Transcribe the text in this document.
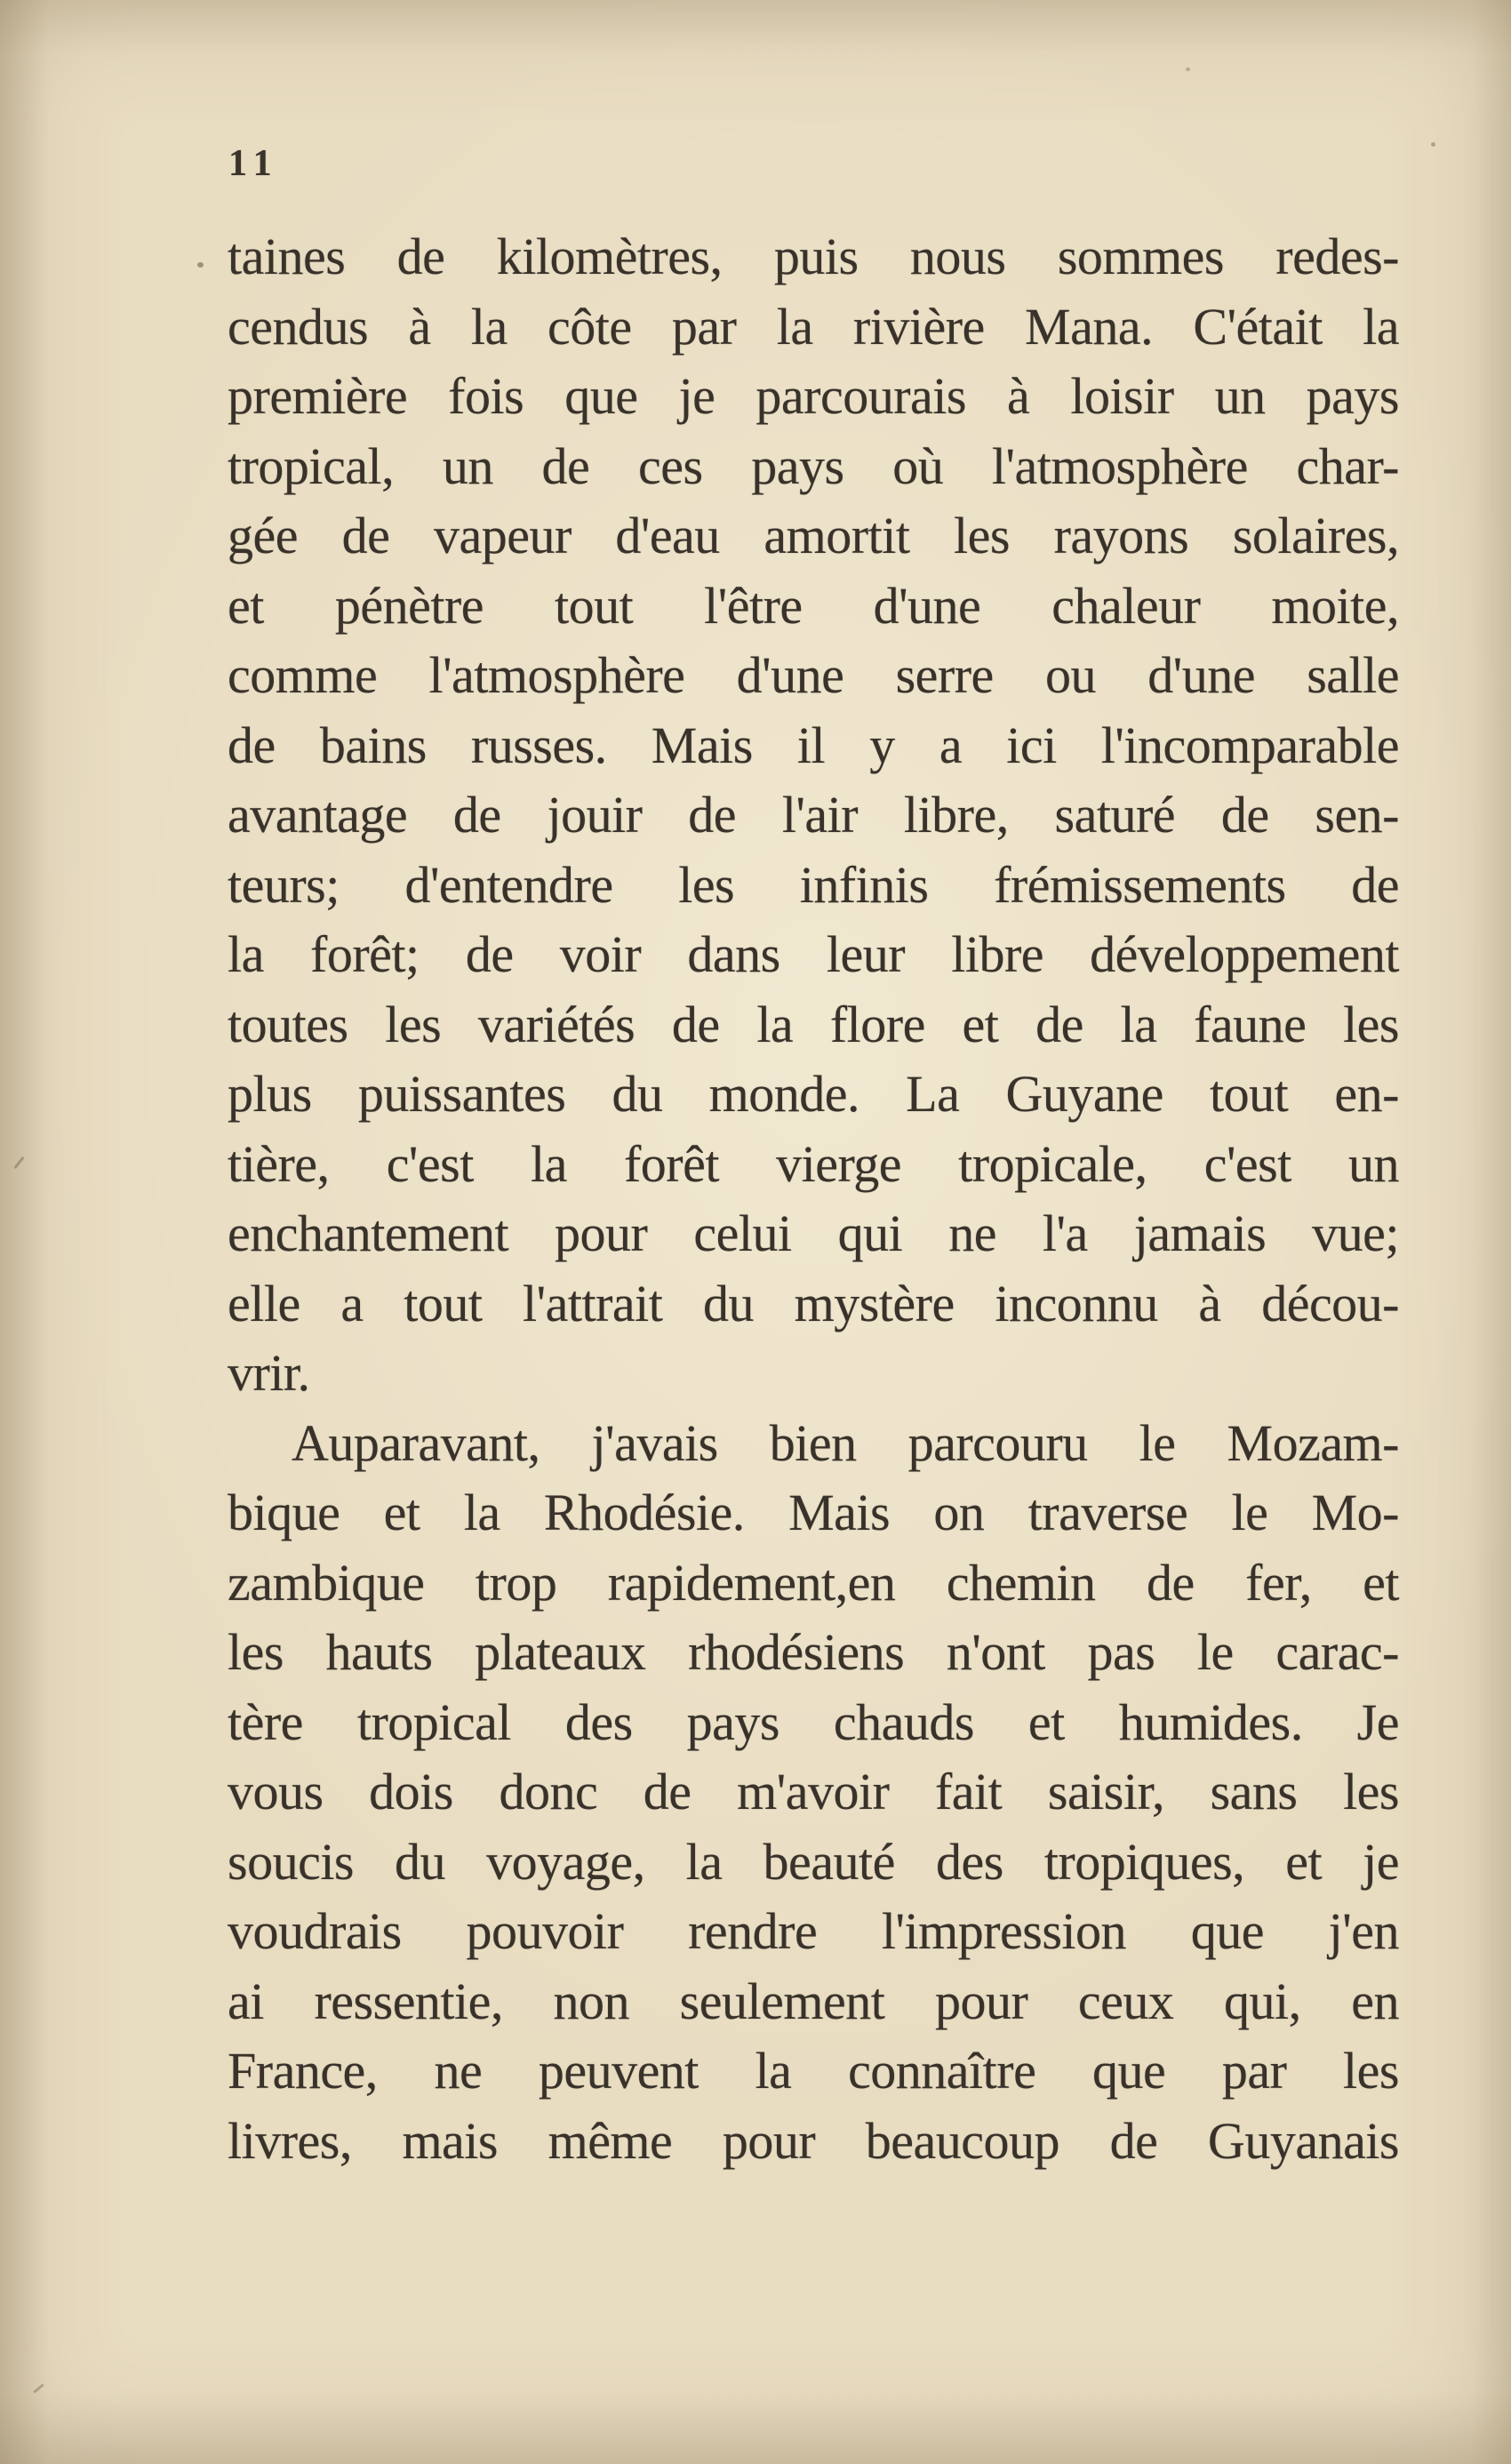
11
taines de kilomètres, puis nous sommes redes-
cendus à la côte par la rivière Mana. C'était la
première fois que je parcourais à loisir un pays
tropical, un de ces pays où l'atmosphère char-
gée de vapeur d'eau amortit les rayons solaires,
et pénètre tout l'être d'une chaleur moite,
comme l'atmosphère d'une serre ou d'une salle
de bains russes. Mais il y a ici l'incomparable
avantage de jouir de l'air libre, saturé de sen-
teurs; d'entendre les infinis frémissements de
la forêt; de voir dans leur libre développement
toutes les variétés de la flore et de la faune les
plus puissantes du monde. La Guyane tout en-
tière, c'est la forêt vierge tropicale, c'est un
enchantement pour celui qui ne l'a jamais vue;
elle a tout l'attrait du mystère inconnu à décou-
vrir.
Auparavant, j'avais bien parcouru le Mozam-
bique et la Rhodésie. Mais on traverse le Mo-
zambique trop rapidement,en chemin de fer, et
les hauts plateaux rhodésiens n'ont pas le carac-
tère tropical des pays chauds et humides. Je
vous dois donc de m'avoir fait saisir, sans les
soucis du voyage, la beauté des tropiques, et je
voudrais pouvoir rendre l'impression que j'en
ai ressentie, non seulement pour ceux qui, en
France, ne peuvent la connaître que par les
livres, mais même pour beaucoup de Guyanais
